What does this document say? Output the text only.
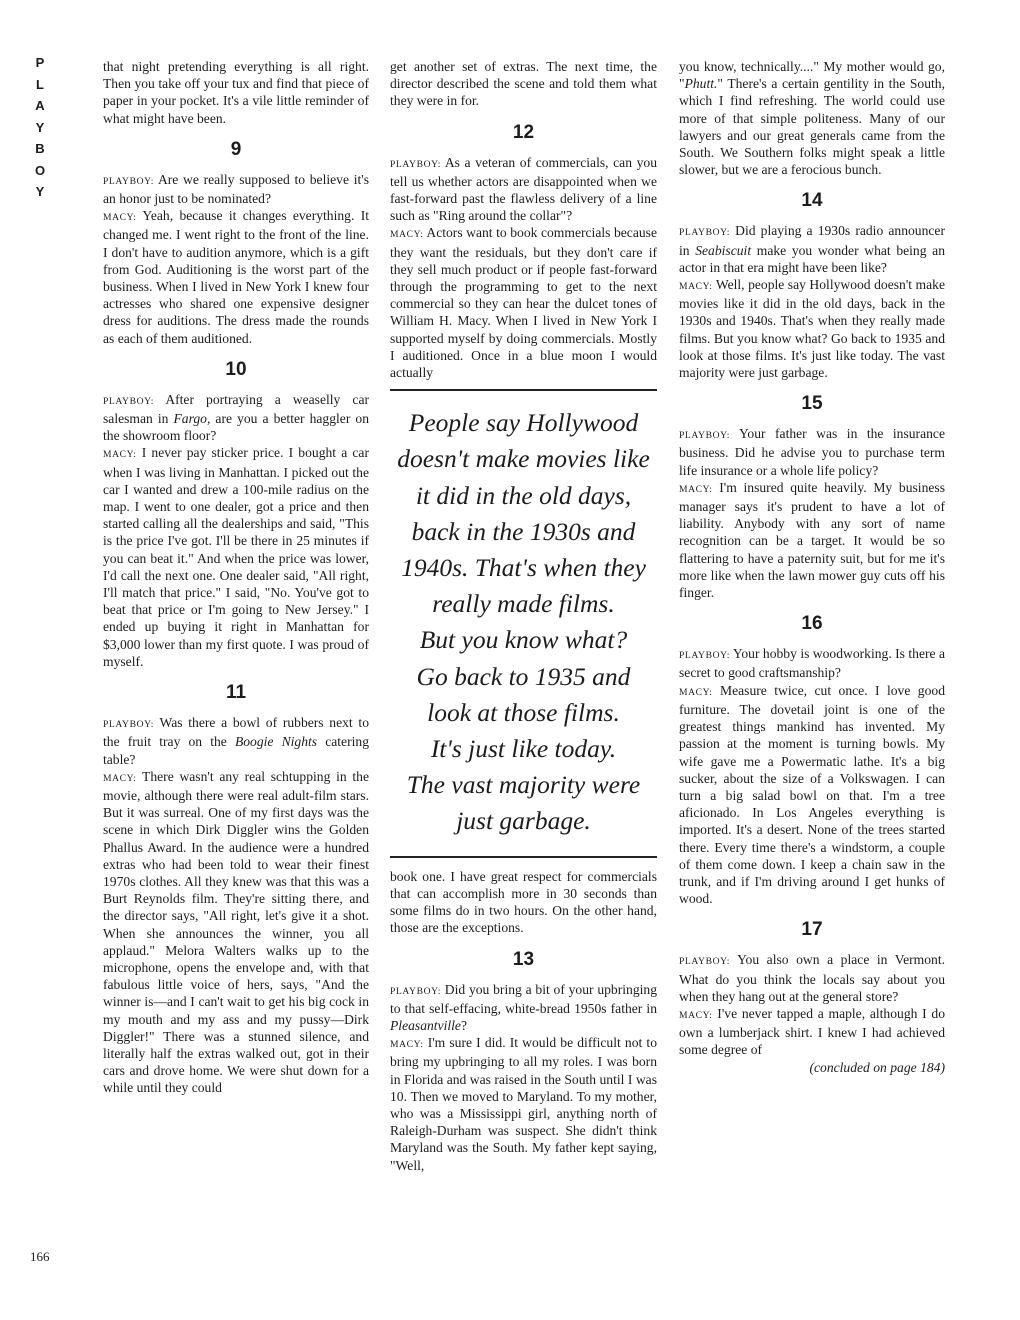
P
L
A
Y
B
O
Y
166

that night pretending everything is all right. Then you take off your tux and find that piece of paper in your pocket. It's a vile little reminder of what might have been.

9

PLAYBOY: Are we really supposed to believe it's an honor just to be nominated?

MACY: Yeah, because it changes everything. It changed me. I went right to the front of the line. I don't have to audition anymore, which is a gift from God. Auditioning is the worst part of the business. When I lived in New York I knew four actresses who shared one expensive designer dress for auditions. The dress made the rounds as each of them auditioned.

10

PLAYBOY: After portraying a weaselly car salesman in Fargo, are you a better haggler on the showroom floor?

MACY: I never pay sticker price. I bought a car when I was living in Manhattan. I picked out the car I wanted and drew a 100-mile radius on the map. I went to one dealer, got a price and then started calling all the dealerships and said, "This is the price I've got. I'll be there in 25 minutes if you can beat it." And when the price was lower, I'd call the next one. One dealer said, "All right, I'll match that price." I said, "No. You've got to beat that price or I'm going to New Jersey." I ended up buying it right in Manhattan for $3,000 lower than my first quote. I was proud of myself.

11

PLAYBOY: Was there a bowl of rubbers next to the fruit tray on the Boogie Nights catering table?

MACY: There wasn't any real schtupping in the movie, although there were real adult-film stars. But it was surreal. One of my first days was the scene in which Dirk Diggler wins the Golden Phallus Award. In the audience were a hundred extras who had been told to wear their finest 1970s clothes. All they knew was that this was a Burt Reynolds film. They're sitting there, and the director says, "All right, let's give it a shot. When she announces the winner, you all applaud." Melora Walters walks up to the microphone, opens the envelope and, with that fabulous little voice of hers, says, "And the winner is—and I can't wait to get his big cock in my mouth and my ass and my pussy—Dirk Diggler!" There was a stunned silence, and literally half the extras walked out, got in their cars and drove home. We were shut down for a while until they could

get another set of extras. The next time, the director described the scene and told them what they were in for.

12

PLAYBOY: As a veteran of commercials, can you tell us whether actors are disappointed when we fast-forward past the flawless delivery of a line such as "Ring around the collar"?

MACY: Actors want to book commercials because they want the residuals, but they don't care if they sell much product or if people fast-forward through the programming to get to the next commercial so they can hear the dulcet tones of William H. Macy. When I lived in New York I supported myself by doing commercials. Mostly I auditioned. Once in a blue moon I would actually

People say Hollywood
doesn't make movies like
it did in the old days,
back in the 1930s and
1940s. That's when they
really made films.
But you know what?
Go back to 1935 and
look at those films.
It's just like today.
The vast majority were
just garbage.

book one. I have great respect for commercials that can accomplish more in 30 seconds than some films do in two hours. On the other hand, those are the exceptions.

13

PLAYBOY: Did you bring a bit of your upbringing to that self-effacing, white-bread 1950s father in Pleasantville?

MACY: I'm sure I did. It would be difficult not to bring my upbringing to all my roles. I was born in Florida and was raised in the South until I was 10. Then we moved to Maryland. To my mother, who was a Mississippi girl, anything north of Raleigh-Durham was suspect. She didn't think Maryland was the South. My father kept saying, "Well,

you know, technically...." My mother would go, "Phutt." There's a certain gentility in the South, which I find refreshing. The world could use more of that simple politeness. Many of our lawyers and our great generals came from the South. We Southern folks might speak a little slower, but we are a ferocious bunch.

14

PLAYBOY: Did playing a 1930s radio announcer in Seabiscuit make you wonder what being an actor in that era might have been like?

MACY: Well, people say Hollywood doesn't make movies like it did in the old days, back in the 1930s and 1940s. That's when they really made films. But you know what? Go back to 1935 and look at those films. It's just like today. The vast majority were just garbage.

15

PLAYBOY: Your father was in the insurance business. Did he advise you to purchase term life insurance or a whole life policy?

MACY: I'm insured quite heavily. My business manager says it's prudent to have a lot of liability. Anybody with any sort of name recognition can be a target. It would be so flattering to have a paternity suit, but for me it's more like when the lawn mower guy cuts off his finger.

16

PLAYBOY: Your hobby is woodworking. Is there a secret to good craftsmanship?

MACY: Measure twice, cut once. I love good furniture. The dovetail joint is one of the greatest things mankind has invented. My passion at the moment is turning bowls. My wife gave me a Powermatic lathe. It's a big sucker, about the size of a Volkswagen. I can turn a big salad bowl on that. I'm a tree aficionado. In Los Angeles everything is imported. It's a desert. None of the trees started there. Every time there's a windstorm, a couple of them come down. I keep a chain saw in the trunk, and if I'm driving around I get hunks of wood.

17

PLAYBOY: You also own a place in Vermont. What do you think the locals say about you when they hang out at the general store?

MACY: I've never tapped a maple, although I do own a lumberjack shirt. I knew I had achieved some degree of

(concluded on page 184)
